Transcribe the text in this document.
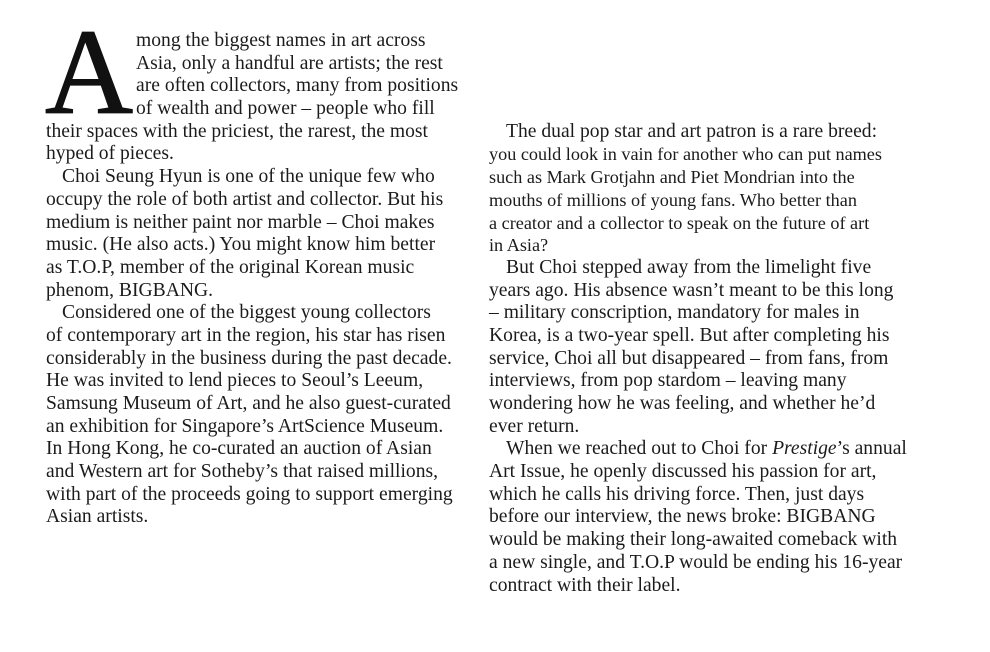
A mong the biggest names in art across
Asia, only a handful are artists; the rest
are often collectors, many from positions
of wealth and power – people who fill
their spaces with the priciest, the rarest, the most
hyped of pieces.
Choi Seung Hyun is one of the unique few who
occupy the role of both artist and collector. But his
medium is neither paint nor marble – Choi makes
music. (He also acts.) You might know him better
as T.O.P, member of the original Korean music
phenom, BIGBANG.
Considered one of the biggest young collectors
of contemporary art in the region, his star has risen
considerably in the business during the past decade.
He was invited to lend pieces to Seoul’s Leeum,
Samsung Museum of Art, and he also guest-curated
an exhibition for Singapore’s ArtScience Museum.
In Hong Kong, he co-curated an auction of Asian
and Western art for Sotheby’s that raised millions,
with part of the proceeds going to support emerging
Asian artists.
The dual pop star and art patron is a rare breed:
you could look in vain for another who can put names
such as Mark Grotjahn and Piet Mondrian into the
mouths of millions of young fans. Who better than
a creator and a collector to speak on the future of art
in Asia?
But Choi stepped away from the limelight five
years ago. His absence wasn’t meant to be this long
– military conscription, mandatory for males in
Korea, is a two-year spell. But after completing his
service, Choi all but disappeared – from fans, from
interviews, from pop stardom – leaving many
wondering how he was feeling, and whether he’d
ever return.
When we reached out to Choi for Prestige’s annual
Art Issue, he openly discussed his passion for art,
which he calls his driving force. Then, just days
before our interview, the news broke: BIGBANG
would be making their long-awaited comeback with
a new single, and T.O.P would be ending his 16-year
contract with their label.
